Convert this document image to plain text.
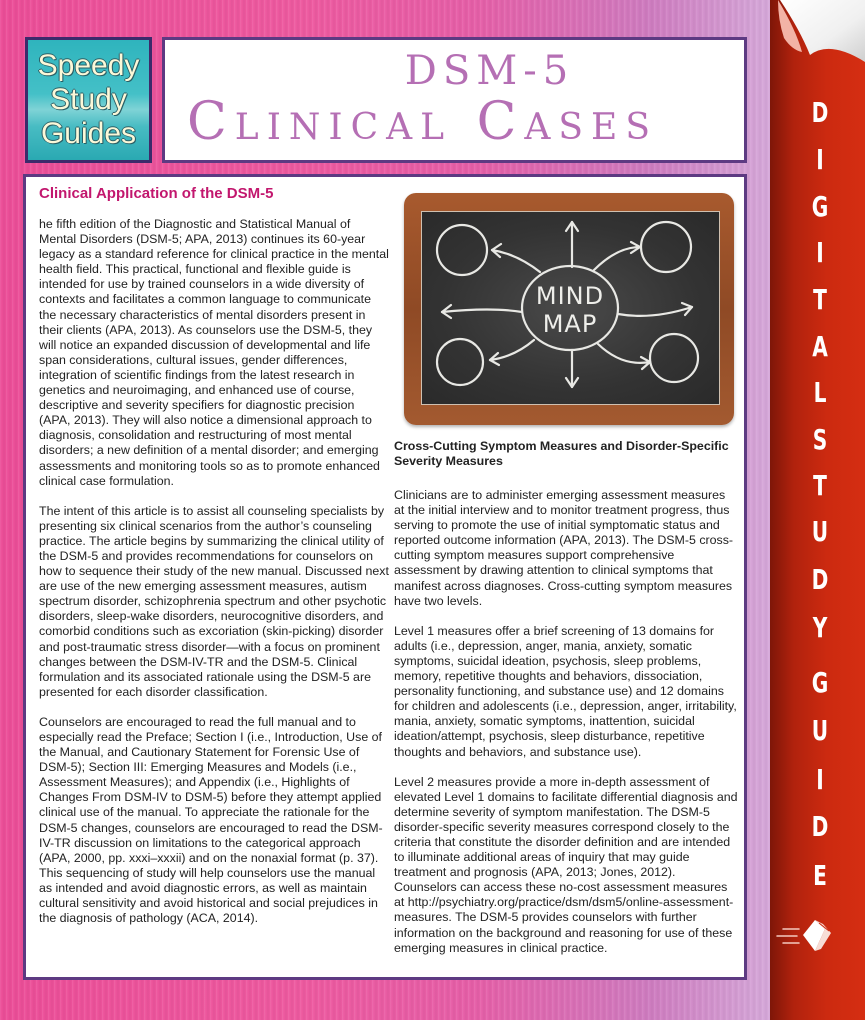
Speedy
Study
Guides
DSM-5
Clinical Cases
Clinical Application of the DSM-5

he fifth edition of the Diagnostic and Statistical Manual of Mental Disorders (DSM-5; APA, 2013) continues its 60-year legacy as a standard reference for clinical practice in the mental health field. This practical, functional and flexible guide is intended for use by trained counselors in a wide diversity of contexts and facilitates a common language to communicate the necessary characteristics of mental disorders present in their clients (APA, 2013). As counselors use the DSM-5, they will notice an expanded discussion of developmental and life span considerations, cultural issues, gender differences, integration of scientific findings from the latest research in genetics and neuroimaging, and enhanced use of course, descriptive and severity specifiers for diagnostic precision (APA, 2013). They will also notice a dimensional approach to diagnosis, consolidation and restructuring of most mental disorders; a new definition of a mental disorder; and emerging assessments and monitoring tools so as to promote enhanced clinical case formulation.

The intent of this article is to assist all counseling specialists by presenting six clinical scenarios from the author’s counseling practice. The article begins by summarizing the clinical utility of the DSM-5 and provides recommendations for counselors on how to sequence their study of the new manual. Discussed next are use of the new emerging assessment measures, autism spectrum disorder, schizophrenia spectrum and other psychotic disorders, sleep-wake disorders, neurocognitive disorders, and comorbid conditions such as excoriation (skin-picking) disorder and post-traumatic stress disorder—with a focus on prominent changes between the DSM-IV-TR and the DSM-5. Clinical formulation and its associated rationale using the DSM-5 are presented for each disorder classification.

Counselors are encouraged to read the full manual and to especially read the Preface; Section I (i.e., Introduction, Use of the Manual, and Cautionary Statement for Forensic Use of DSM-5); Section III: Emerging Measures and Models (i.e., Assessment Measures); and Appendix (i.e., Highlights of Changes From DSM-IV to DSM-5) before they attempt applied clinical use of the manual. To appreciate the rationale for the DSM-5 changes, counselors are encouraged to read the DSM-IV-TR discussion on limitations to the categorical approach (APA, 2000, pp. xxxi–xxxii) and on the nonaxial format (p. 37). This sequencing of study will help counselors use the manual as intended and avoid diagnostic errors, as well as maintain cultural sensitivity and avoid historical and social prejudices in the diagnosis of pathology (ACA, 2014).

MIND
MAP
Cross-Cutting Symptom Measures and Disorder-Specific Severity Measures

Clinicians are to administer emerging assessment measures at the initial interview and to monitor treatment progress, thus serving to promote the use of initial symptomatic status and reported outcome information (APA, 2013). The DSM-5 cross-cutting symptom measures support comprehensive assessment by drawing attention to clinical symptoms that manifest across diagnoses. Cross-cutting symptom measures have two levels.

Level 1 measures offer a brief screening of 13 domains for adults (i.e., depression, anger, mania, anxiety, somatic symptoms, suicidal ideation, psychosis, sleep problems, memory, repetitive thoughts and behaviors, dissociation, personality functioning, and substance use) and 12 domains for children and adolescents (i.e., depression, anger, irritability, mania, anxiety, somatic symptoms, inattention, suicidal ideation/attempt, psychosis, sleep disturbance, repetitive thoughts and behaviors, and substance use).

Level 2 measures provide a more in-depth assessment of elevated Level 1 domains to facilitate differential diagnosis and determine severity of symptom manifestation. The DSM-5 disorder-specific severity measures correspond closely to the criteria that constitute the disorder definition and are intended to illuminate additional areas of inquiry that may guide treatment and prognosis (APA, 2013; Jones, 2012). Counselors can access these no-cost assessment measures at http://psychiatry.org/practice/dsm/dsm5/online-assessment-measures. The DSM-5 provides counselors with further information on the background and reasoning for use of these emerging measures in clinical practice.

D
I
G
I
T
A
L
S
T
U
D
Y
G
U
I
D
E
